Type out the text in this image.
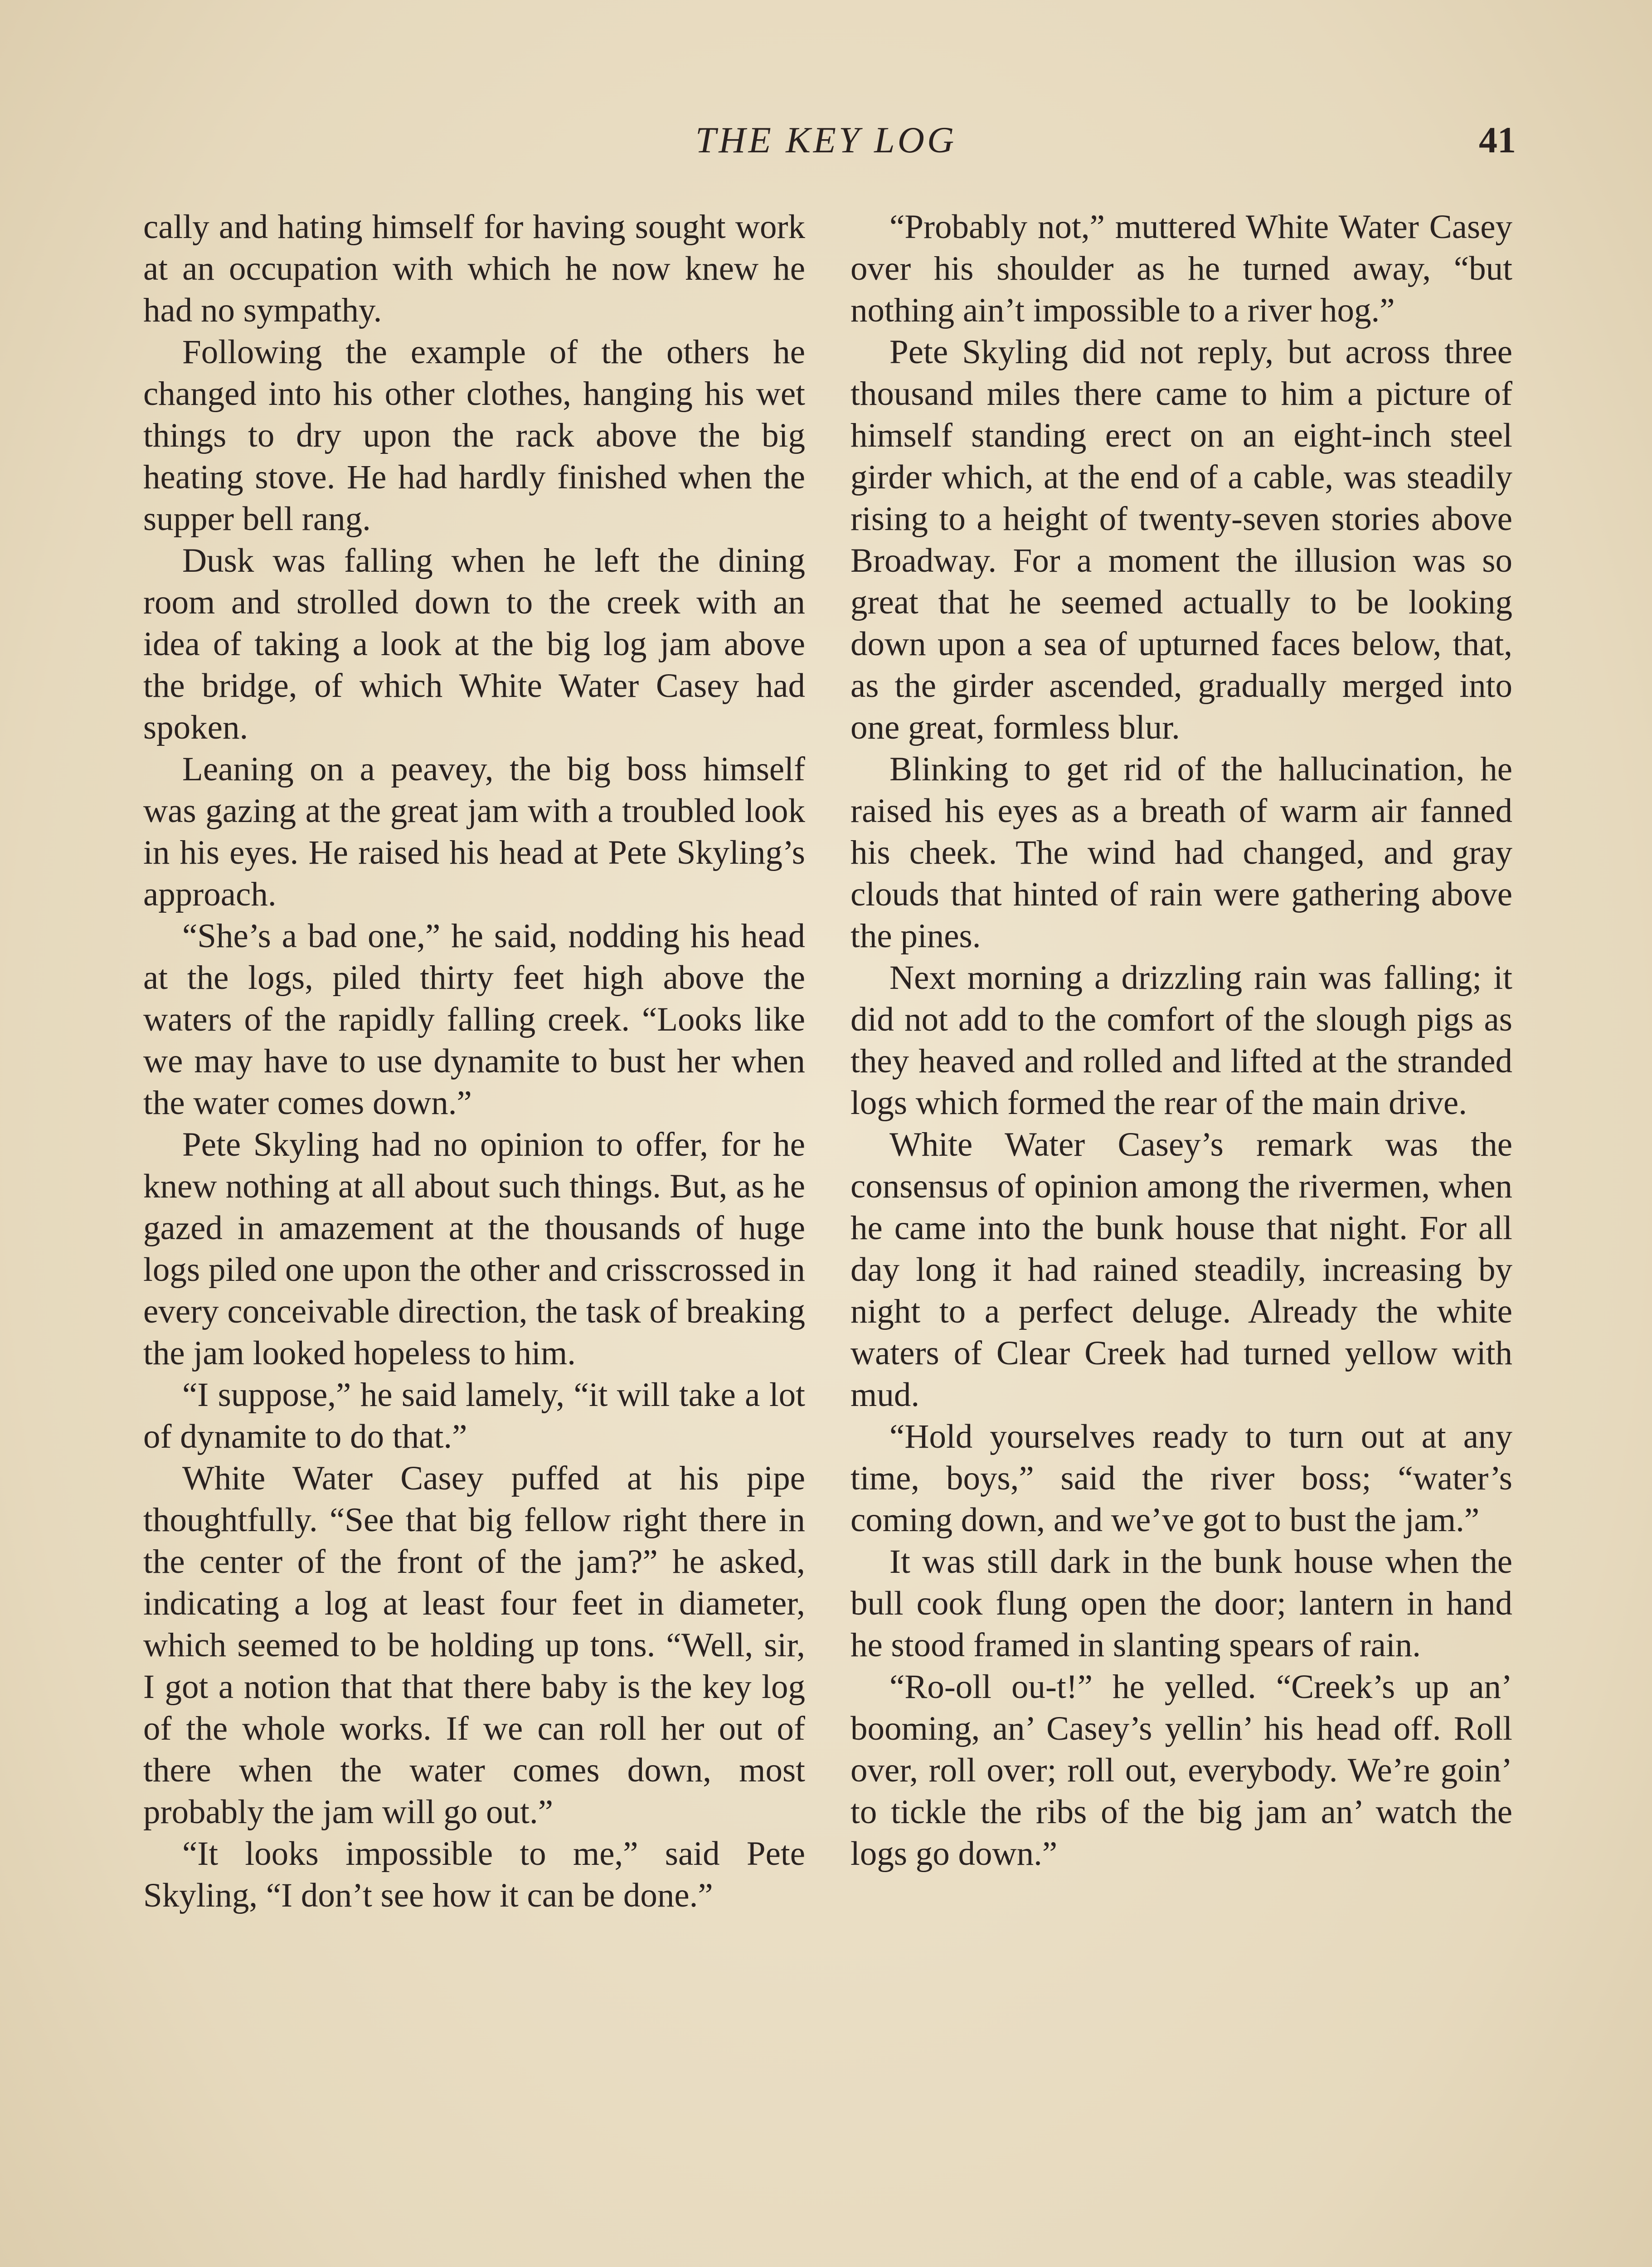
THE KEY LOG	41

cally and hating himself for having sought work at an occupation with which he now knew he had no sympathy.

Following the example of the others he changed into his other clothes, hanging his wet things to dry upon the rack above the big heating stove. He had hardly finished when the supper bell rang.

Dusk was falling when he left the dining room and strolled down to the creek with an idea of taking a look at the big log jam above the bridge, of which White Water Casey had spoken.

Leaning on a peavey, the big boss himself was gazing at the great jam with a troubled look in his eyes. He raised his head at Pete Skyling’s approach.

“She’s a bad one,” he said, nodding his head at the logs, piled thirty feet high above the waters of the rapidly falling creek. “Looks like we may have to use dynamite to bust her when the water comes down.”

Pete Skyling had no opinion to offer, for he knew nothing at all about such things. But, as he gazed in amazement at the thousands of huge logs piled one upon the other and crisscrossed in every conceivable direction, the task of breaking the jam looked hopeless to him.

“I suppose,” he said lamely, “it will take a lot of dynamite to do that.”

White Water Casey puffed at his pipe thoughtfully. “See that big fellow right there in the center of the front of the jam?” he asked, indicating a log at least four feet in diameter, which seemed to be holding up tons. “Well, sir, I got a notion that that there baby is the key log of the whole works. If we can roll her out of there when the water comes down, most probably the jam will go out.”

“It looks impossible to me,” said Pete Skyling, “I don’t see how it can be done.”

“Probably not,” muttered White Water Casey over his shoulder as he turned away, “but nothing ain’t impossible to a river hog.”

Pete Skyling did not reply, but across three thousand miles there came to him a picture of himself standing erect on an eight-inch steel girder which, at the end of a cable, was steadily rising to a height of twenty-seven stories above Broadway. For a moment the illusion was so great that he seemed actually to be looking down upon a sea of upturned faces below, that, as the girder ascended, gradually merged into one great, formless blur.

Blinking to get rid of the hallucination, he raised his eyes as a breath of warm air fanned his cheek. The wind had changed, and gray clouds that hinted of rain were gathering above the pines.

Next morning a drizzling rain was falling; it did not add to the comfort of the slough pigs as they heaved and rolled and lifted at the stranded logs which formed the rear of the main drive.

White Water Casey’s remark was the consensus of opinion among the rivermen, when he came into the bunk house that night. For all day long it had rained steadily, increasing by night to a perfect deluge. Already the white waters of Clear Creek had turned yellow with mud.

“Hold yourselves ready to turn out at any time, boys,” said the river boss; “water’s coming down, and we’ve got to bust the jam.”

It was still dark in the bunk house when the bull cook flung open the door; lantern in hand he stood framed in slanting spears of rain.

“Ro-oll ou-t!” he yelled. “Creek’s up an’ booming, an’ Casey’s yellin’ his head off. Roll over, roll over; roll out, everybody. We’re goin’ to tickle the ribs of the big jam an’ watch the logs go down.”
